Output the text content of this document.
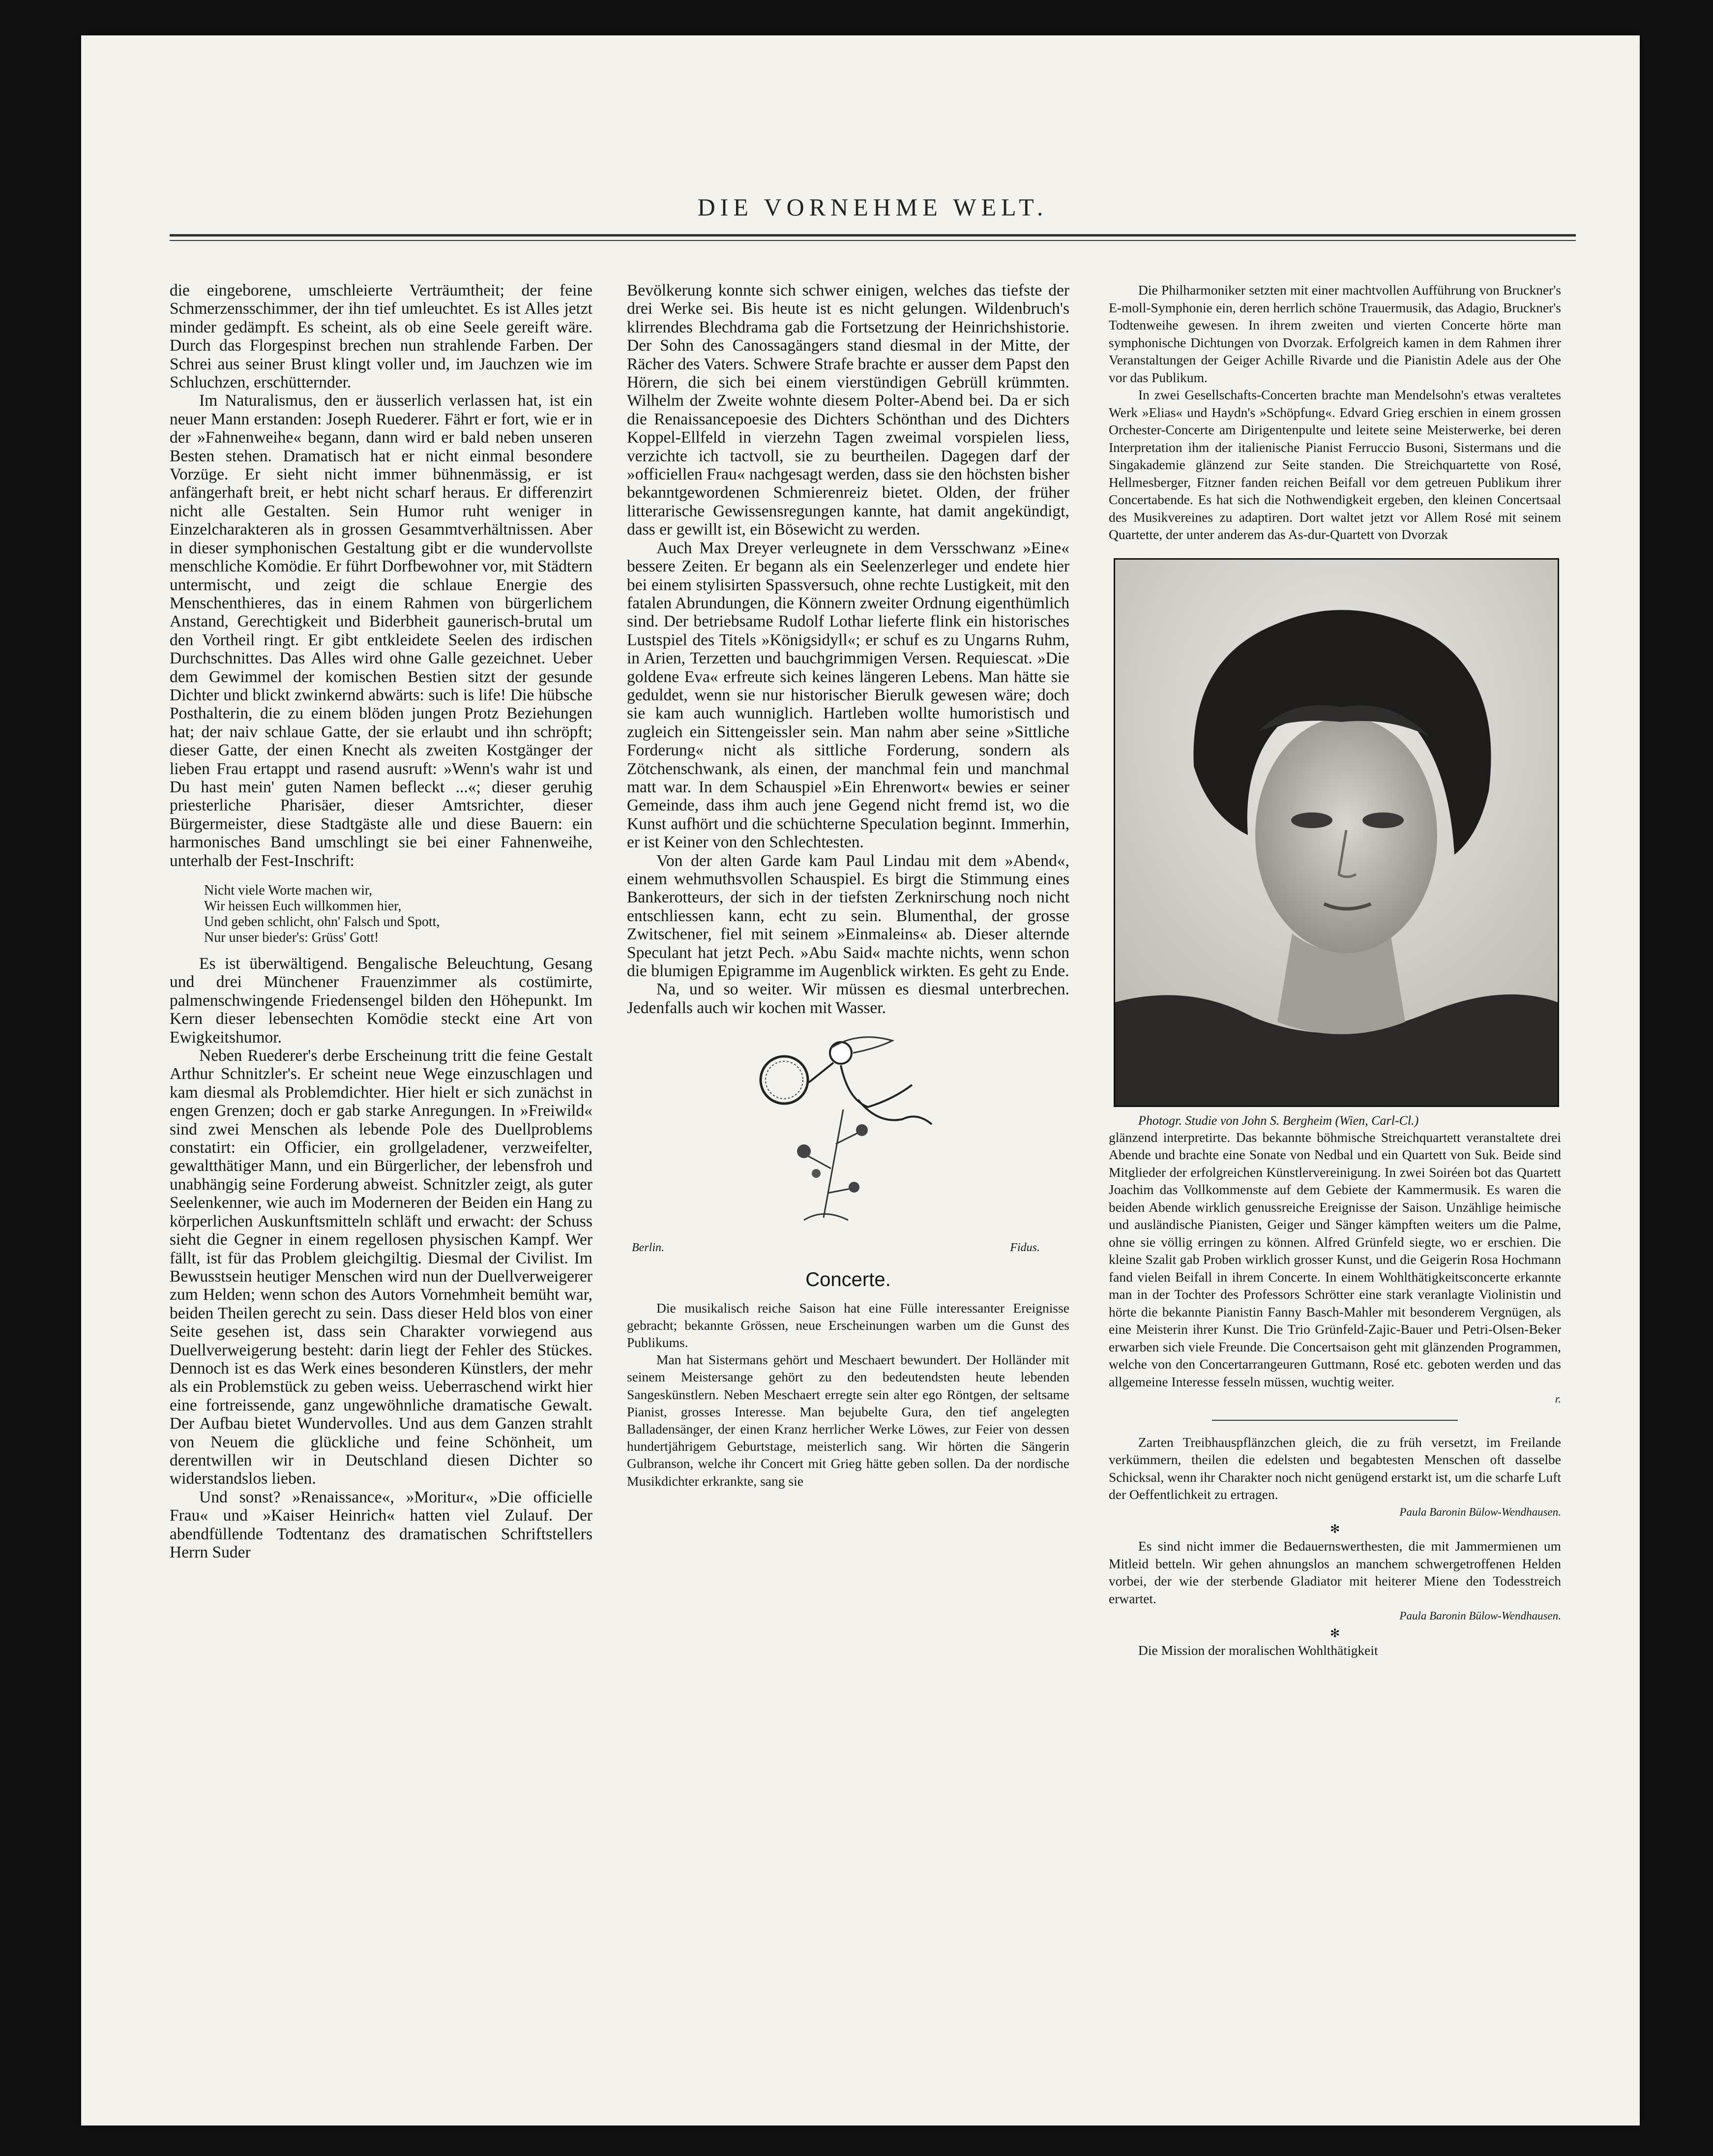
DIE VORNEHME WELT.

die eingeborene, umschleierte Verträumtheit; der feine Schmerzensschimmer, der ihn tief umleuchtet. Es ist Alles jetzt minder gedämpft. Es scheint, als ob eine Seele gereift wäre. Durch das Florgespinst brechen nun strahlende Farben. Der Schrei aus seiner Brust klingt voller und, im Jauchzen wie im Schluchzen, erschütternder.

Im Naturalismus, den er äusserlich verlassen hat, ist ein neuer Mann erstanden: Joseph Ruederer. Fährt er fort, wie er in der »Fahnenweihe« begann, dann wird er bald neben unseren Besten stehen. Dramatisch hat er nicht einmal besondere Vorzüge. Er sieht nicht immer bühnenmässig, er ist anfängerhaft breit, er hebt nicht scharf heraus. Er differenzirt nicht alle Gestalten. Sein Humor ruht weniger in Einzelcharakteren als in grossen Gesammtverhältnissen. Aber in dieser symphonischen Gestaltung gibt er die wundervollste menschliche Komödie. Er führt Dorfbewohner vor, mit Städtern untermischt, und zeigt die schlaue Energie des Menschenthieres, das in einem Rahmen von bürgerlichem Anstand, Gerechtigkeit und Biderbheit gaunerisch-brutal um den Vortheil ringt. Er gibt entkleidete Seelen des irdischen Durchschnittes. Das Alles wird ohne Galle gezeichnet. Ueber dem Gewimmel der komischen Bestien sitzt der gesunde Dichter und blickt zwinkernd abwärts: such is life! Die hübsche Posthalterin, die zu einem blöden jungen Protz Beziehungen hat; der naiv schlaue Gatte, der sie erlaubt und ihn schröpft; dieser Gatte, der einen Knecht als zweiten Kostgänger der lieben Frau ertappt und rasend ausruft: »Wenn's wahr ist und Du hast mein' guten Namen befleckt ...«; dieser geruhig priesterliche Pharisäer, dieser Amtsrichter, dieser Bürgermeister, diese Stadtgäste alle und diese Bauern: ein harmonisches Band umschlingt sie bei einer Fahnenweihe, unterhalb der Fest-Inschrift:

Nicht viele Worte machen wir,
Wir heissen Euch willkommen hier,
Und geben schlicht, ohn' Falsch und Spott,
Nur unser bieder's: Grüss' Gott!

Es ist überwältigend. Bengalische Beleuchtung, Gesang und drei Münchener Frauenzimmer als costümirte, palmenschwingende Friedensengel bilden den Höhepunkt. Im Kern dieser lebensechten Komödie steckt eine Art von Ewigkeitshumor.

Neben Ruederer's derbe Erscheinung tritt die feine Gestalt Arthur Schnitzler's. Er scheint neue Wege einzuschlagen und kam diesmal als Problemdichter. Hier hielt er sich zunächst in engen Grenzen; doch er gab starke Anregungen. In »Freiwild« sind zwei Menschen als lebende Pole des Duellproblems constatirt: ein Officier, ein grollgeladener, verzweifelter, gewaltthätiger Mann, und ein Bürgerlicher, der lebensfroh und unabhängig seine Forderung abweist. Schnitzler zeigt, als guter Seelenkenner, wie auch im Moderneren der Beiden ein Hang zu körperlichen Auskunftsmitteln schläft und erwacht: der Schuss sieht die Gegner in einem regellosen physischen Kampf. Wer fällt, ist für das Problem gleichgiltig. Diesmal der Civilist. Im Bewusstsein heutiger Menschen wird nun der Duellverweigerer zum Helden; wenn schon des Autors Vornehmheit bemüht war, beiden Theilen gerecht zu sein. Dass dieser Held blos von einer Seite gesehen ist, dass sein Charakter vorwiegend aus Duellverweigerung besteht: darin liegt der Fehler des Stückes. Dennoch ist es das Werk eines besonderen Künstlers, der mehr als ein Problemstück zu geben weiss. Ueberraschend wirkt hier eine fortreissende, ganz ungewöhnliche dramatische Gewalt. Der Aufbau bietet Wundervolles. Und aus dem Ganzen strahlt von Neuem die glückliche und feine Schönheit, um derentwillen wir in Deutschland diesen Dichter so widerstandslos lieben.

Und sonst? »Renaissance«, »Moritur«, »Die officielle Frau« und »Kaiser Heinrich« hatten viel Zulauf. Der abendfüllende Todtentanz des dramatischen Schriftstellers Herrn Suder

Bevölkerung konnte sich schwer einigen, welches das tiefste der drei Werke sei. Bis heute ist es nicht gelungen. Wildenbruch's klirrendes Blechdrama gab die Fortsetzung der Heinrichshistorie. Der Sohn des Canossagängers stand diesmal in der Mitte, der Rächer des Vaters. Schwere Strafe brachte er ausser dem Papst den Hörern, die sich bei einem vierstündigen Gebrüll krümmten. Wilhelm der Zweite wohnte diesem Polter-Abend bei. Da er sich die Renaissancepoesie des Dichters Schönthan und des Dichters Koppel-Ellfeld in vierzehn Tagen zweimal vorspielen liess, verzichte ich tactvoll, sie zu beurtheilen. Dagegen darf der »officiellen Frau« nachgesagt werden, dass sie den höchsten bisher bekanntgewordenen Schmierenreiz bietet. Olden, der früher litterarische Gewissensregungen kannte, hat damit angekündigt, dass er gewillt ist, ein Bösewicht zu werden.

Auch Max Dreyer verleugnete in dem Versschwanz »Eine« bessere Zeiten. Er begann als ein Seelenzerleger und endete hier bei einem stylisirten Spassversuch, ohne rechte Lustigkeit, mit den fatalen Abrundungen, die Könnern zweiter Ordnung eigenthümlich sind. Der betriebsame Rudolf Lothar lieferte flink ein historisches Lustspiel des Titels »Königsidyll«; er schuf es zu Ungarns Ruhm, in Arien, Terzetten und bauchgrimmigen Versen. Requiescat. »Die goldene Eva« erfreute sich keines längeren Lebens. Man hätte sie geduldet, wenn sie nur historischer Bierulk gewesen wäre; doch sie kam auch wunniglich. Hartleben wollte humoristisch und zugleich ein Sittengeissler sein. Man nahm aber seine »Sittliche Forderung« nicht als sittliche Forderung, sondern als Zötchenschwank, als einen, der manchmal fein und manchmal matt war. In dem Schauspiel »Ein Ehrenwort« bewies er seiner Gemeinde, dass ihm auch jene Gegend nicht fremd ist, wo die Kunst aufhört und die schüchterne Speculation beginnt. Immerhin, er ist Keiner von den Schlechtesten.

Von der alten Garde kam Paul Lindau mit dem »Abend«, einem wehmuthsvollen Schauspiel. Es birgt die Stimmung eines Bankerotteurs, der sich in der tiefsten Zerknirschung noch nicht entschliessen kann, echt zu sein. Blumenthal, der grosse Zwitschener, fiel mit seinem »Einmaleins« ab. Dieser alternde Speculant hat jetzt Pech. »Abu Said« machte nichts, wenn schon die blumigen Epigramme im Augenblick wirkten. Es geht zu Ende.

Na, und so weiter. Wir müssen es diesmal unterbrechen. Jedenfalls auch wir kochen mit Wasser.

Berlin.	Fidus.
Concerte.

Die musikalisch reiche Saison hat eine Fülle interessanter Ereignisse gebracht; bekannte Grössen, neue Erscheinungen warben um die Gunst des Publikums.

Man hat Sistermans gehört und Meschaert bewundert. Der Holländer mit seinem Meistersange gehört zu den bedeutendsten heute lebenden Sangeskünstlern. Neben Meschaert erregte sein alter ego Röntgen, der seltsame Pianist, grosses Interesse. Man bejubelte Gura, den tief angelegten Balladensänger, der einen Kranz herrlicher Werke Löwes, zur Feier von dessen hundertjährigem Geburtstage, meisterlich sang. Wir hörten die Sängerin Gulbranson, welche ihr Concert mit Grieg hätte geben sollen. Da der nordische Musikdichter erkrankte, sang sie

Die Philharmoniker setzten mit einer machtvollen Aufführung von Bruckner's E-moll-Symphonie ein, deren herrlich schöne Trauermusik, das Adagio, Bruckner's Todtenweihe gewesen. In ihrem zweiten und vierten Concerte hörte man symphonische Dichtungen von Dvorzak. Erfolgreich kamen in dem Rahmen ihrer Veranstaltungen der Geiger Achille Rivarde und die Pianistin Adele aus der Ohe vor das Publikum.

In zwei Gesellschafts-Concerten brachte man Mendelsohn's etwas veraltetes Werk »Elias« und Haydn's »Schöpfung«. Edvard Grieg erschien in einem grossen Orchester-Concerte am Dirigentenpulte und leitete seine Meisterwerke, bei deren Interpretation ihm der italienische Pianist Ferruccio Busoni, Sistermans und die Singakademie glänzend zur Seite standen. Die Streichquartette von Rosé, Hellmesberger, Fitzner fanden reichen Beifall vor dem getreuen Publikum ihrer Concertabende. Es hat sich die Nothwendigkeit ergeben, den kleinen Concertsaal des Musikvereines zu adaptiren. Dort waltet jetzt vor Allem Rosé mit seinem Quartette, der unter anderem das As-dur-Quartett von Dvorzak

Photogr. Studie von John S. Bergheim (Wien, Carl-Cl.)

glänzend interpretirte. Das bekannte böhmische Streichquartett veranstaltete drei Abende und brachte eine Sonate von Nedbal und ein Quartett von Suk. Beide sind Mitglieder der erfolgreichen Künstlervereinigung. In zwei Soiréen bot das Quartett Joachim das Vollkommenste auf dem Gebiete der Kammermusik. Es waren die beiden Abende wirklich genussreiche Ereignisse der Saison. Unzählige heimische und ausländische Pianisten, Geiger und Sänger kämpften weiters um die Palme, ohne sie völlig erringen zu können. Alfred Grünfeld siegte, wo er erschien. Die kleine Szalit gab Proben wirklich grosser Kunst, und die Geigerin Rosa Hochmann fand vielen Beifall in ihrem Concerte. In einem Wohlthätigkeitsconcerte erkannte man in der Tochter des Professors Schrötter eine stark veranlagte Violinistin und hörte die bekannte Pianistin Fanny Basch-Mahler mit besonderem Vergnügen, als eine Meisterin ihrer Kunst. Die Trio Grünfeld-Zajic-Bauer und Petri-Olsen-Beker erwarben sich viele Freunde. Die Concertsaison geht mit glänzenden Programmen, welche von den Concertarrangeuren Guttmann, Rosé etc. geboten werden und das allgemeine Interesse fesseln müssen, wuchtig weiter.

r.

Zarten Treibhauspflänzchen gleich, die zu früh versetzt, im Freilande verkümmern, theilen die edelsten und begabtesten Menschen oft dasselbe Schicksal, wenn ihr Charakter noch nicht genügend erstarkt ist, um die scharfe Luft der Oeffentlichkeit zu ertragen.

Paula Baronin Bülow-Wendhausen.
✻

Es sind nicht immer die Bedauernswerthesten, die mit Jammermienen um Mitleid betteln. Wir gehen ahnungslos an manchem schwergetroffenen Helden vorbei, der wie der sterbende Gladiator mit heiterer Miene den Todesstreich erwartet.

Paula Baronin Bülow-Wendhausen.
✻

Die Mission der moralischen Wohlthätigkeit
